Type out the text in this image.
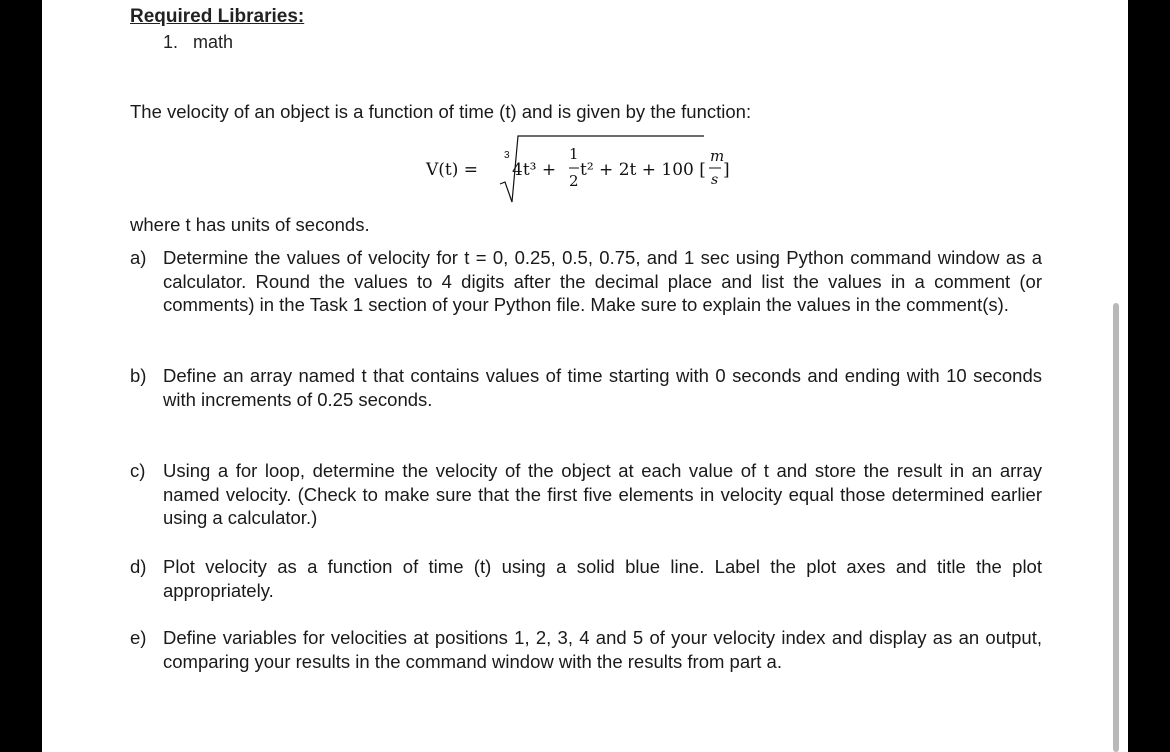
Required Libraries:
1. math
The velocity of an object is a function of time (t) and is given by the function:
V(t) =
3
4t³ +
1
2
t² + 2t + 100 [
m
s ]
where t has units of seconds.
a) Determine the values of velocity for t = 0, 0.25, 0.5, 0.75, and 1 sec using Python command window as a calculator. Round the values to 4 digits after the decimal place and list the values in a comment (or comments) in the Task 1 section of your Python file. Make sure to explain the values in the comment(s).
b) Define an array named t that contains values of time starting with 0 seconds and ending with 10 seconds with increments of 0.25 seconds.
c) Using a for loop, determine the velocity of the object at each value of t and store the result in an array named velocity. (Check to make sure that the first five elements in velocity equal those determined earlier using a calculator.)
d) Plot velocity as a function of time (t) using a solid blue line. Label the plot axes and title the plot appropriately.
e) Define variables for velocities at positions 1, 2, 3, 4 and 5 of your velocity index and display as an output, comparing your results in the command window with the results from part a.
